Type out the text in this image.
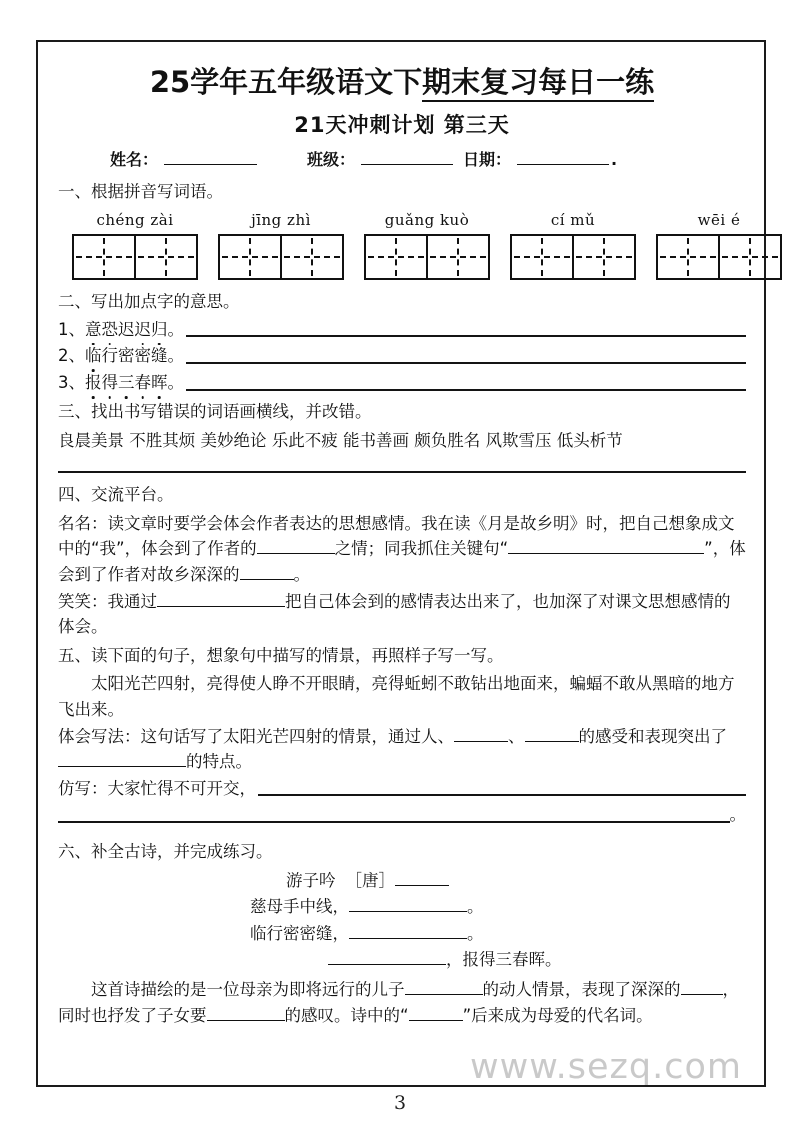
25学年五年级语文下期末复习每日一练
21天冲刺计划 第三天
姓名：	班级：	日期：	.
一、根据拼音写词语。
chéng zài	jīng zhì	guǎng kuò	cí mǔ	wēi é
二、写出加点字的意思。
1、 意恐迟迟归。
2、 临行密密缝。
3、 报得三春晖。
三、找出书写错误的词语画横线，并改错。
良晨美景 不胜其烦 美妙绝论 乐此不疲 能书善画 颇负胜名 风欺雪压 低头析节
四、交流平台。
名名：读文章时要学会体会作者表达的思想感情。我在读《月是故乡明》时，把自己想象成文中的“我”，体会到了作者的	之情；同我抓住关键句“	”，体会到了作者对故乡深深的	。
笑笑：我通过	把自己体会到的感情表达出来了，也加深了对课文思想感情的体会。
五、读下面的句子，想象句中描写的情景，再照样子写一写。
太阳光芒四射，亮得使人睁不开眼睛，亮得蚯蚓不敢钻出地面来，蝙蝠不敢从黑暗的地方飞出来。
体会写法：这句话写了太阳光芒四射的情景，通过人、	、	的感受和表现突出了的特点。
仿写： 大家忙得不可开交，
。
六、补全古诗，并完成练习。
游子吟 ［唐］
慈母手中线，	。
临行密密缝，	。
，报得三春晖。
这首诗描绘的是一位母亲为即将远行的儿子	的动人情景，表现了深深的	，同时也抒发了子女要	的感叹。诗中的“	”后来成为母爱的代名词。
www.sezq.com
3
